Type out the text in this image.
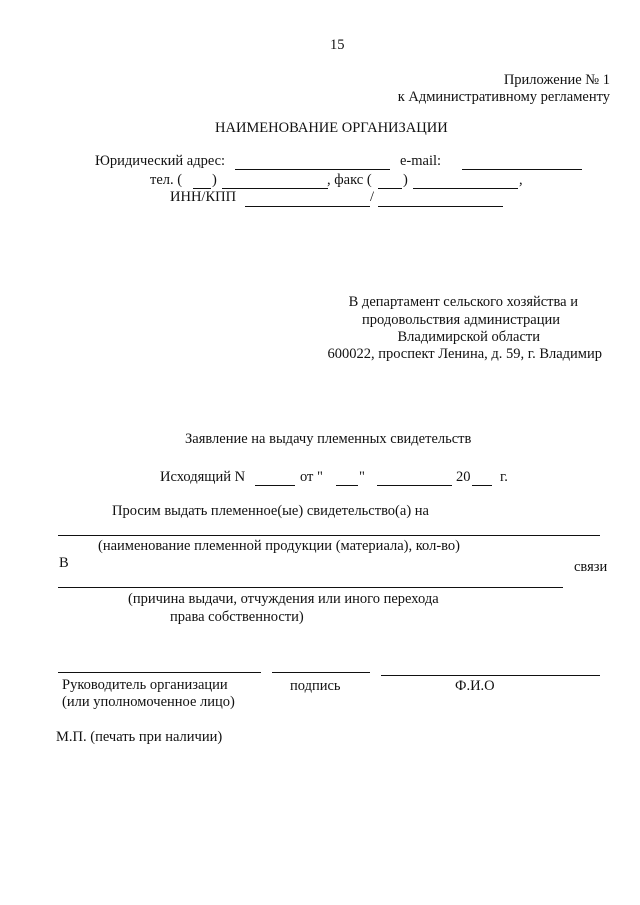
15
Приложение № 1
к Административному регламенту
НАИМЕНОВАНИЕ ОРГАНИЗАЦИИ
Юридический адрес:	e-mail:
тел. ( )	, факс ( )	,
ИНН/КПП	/
В департамент сельского хозяйства и
продовольствия администрации
Владимирской области
600022, проспект Ленина, д. 59, г. Владимир
Заявление на выдачу племенных свидетельств
Исходящий N	от " "	20 г.
Просим выдать племенное(ые) свидетельство(а) на
(наименование племенной продукции (материала), кол-во)
В	связи
(причина выдачи, отчуждения или иного перехода
права собственности)
Руководитель организации
(или уполномоченное лицо)
подпись	Ф.И.О
М.П. (печать при наличии)
